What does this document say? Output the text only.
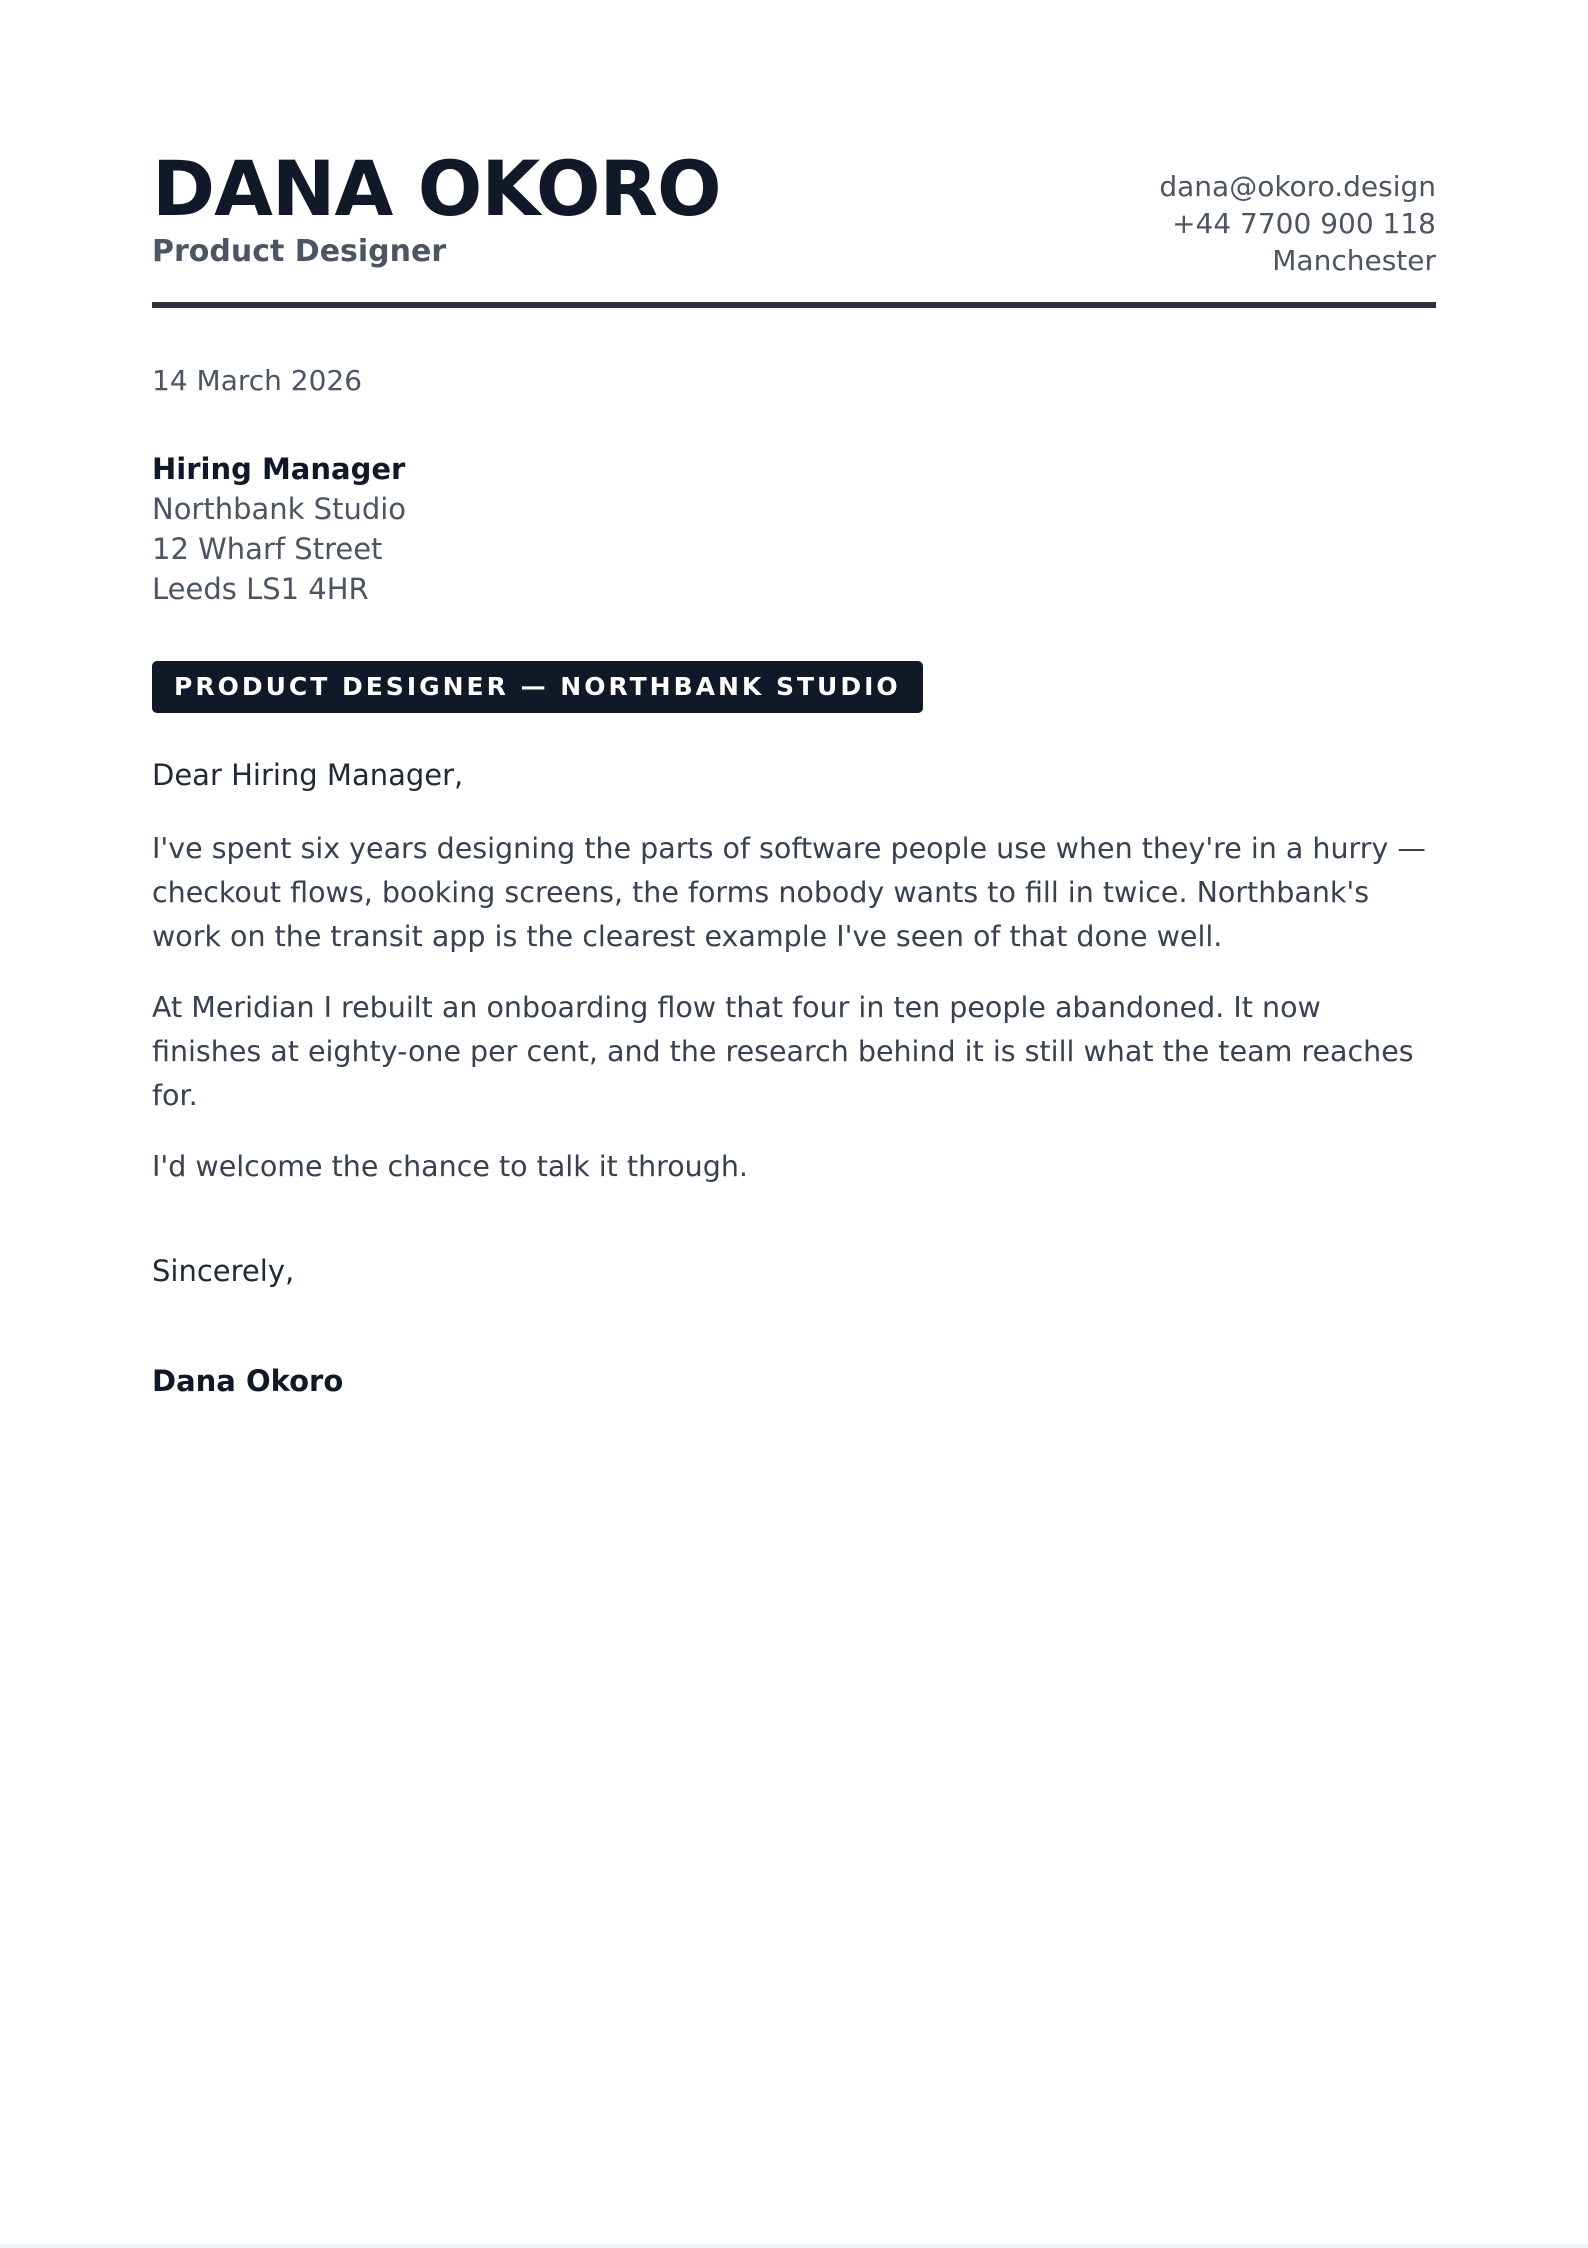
DANA OKORO
Product Designer
dana@okoro.design
+44 7700 900 118
Manchester
14 March 2026
Hiring Manager
Northbank Studio
12 Wharf Street
Leeds LS1 4HR
PRODUCT DESIGNER — NORTHBANK STUDIO
Dear Hiring Manager,
I've spent six years designing the parts of software people use when they're in a hurry — checkout flows, booking screens, the forms nobody wants to fill in twice. Northbank's work on the transit app is the clearest example I've seen of that done well.
At Meridian I rebuilt an onboarding flow that four in ten people abandoned. It now finishes at eighty-one per cent, and the research behind it is still what the team reaches for.
I'd welcome the chance to talk it through.
Sincerely,
Dana Okoro
